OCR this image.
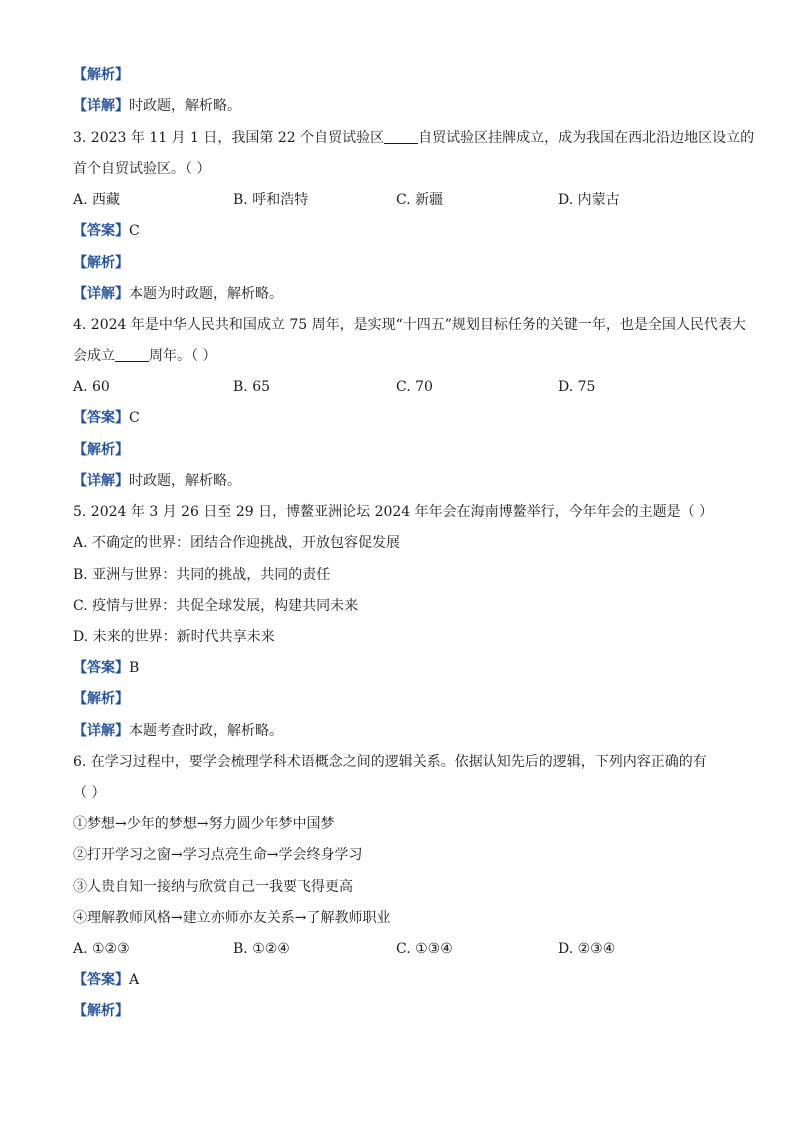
【解析】
【详解】时政题，解析略。
3. 2023 年 11 月 1 日，我国第 22 个自贸试验区 自贸试验区挂牌成立，成为我国在西北沿边地区设立的
首个自贸试验区。（ ）
A. 西藏	B. 呼和浩特	C. 新疆	D. 内蒙古
【答案】C
【解析】
【详解】本题为时政题，解析略。
4. 2024 年是中华人民共和国成立 75 周年，是实现“十四五”规划目标任务的关键一年，也是全国人民代表大
会成立 周年。（ ）
A. 60	B. 65	C. 70	D. 75
【答案】C
【解析】
【详解】时政题，解析略。
5. 2024 年 3 月 26 日至 29 日，博鳌亚洲论坛 2024 年年会在海南博鳌举行，今年年会的主题是（ ）
A. 不确定的世界：团结合作迎挑战，开放包容促发展
B. 亚洲与世界：共同的挑战，共同的责任
C. 疫情与世界：共促全球发展，构建共同未来
D. 未来的世界：新时代共享未来
【答案】B
【解析】
【详解】本题考查时政，解析略。
6. 在学习过程中，要学会梳理学科术语概念之间的逻辑关系。依据认知先后的逻辑，下列内容正确的有
（ ）
①梦想→少年的梦想→努力圆少年梦中国梦
②打开学习之窗→学习点亮生命→学会终身学习
③人贵自知一接纳与欣赏自己一我要飞得更高
④理解教师风格→建立亦师亦友关系→了解教师职业
A. ①②③	B. ①②④	C. ①③④	D. ②③④
【答案】A
【解析】
